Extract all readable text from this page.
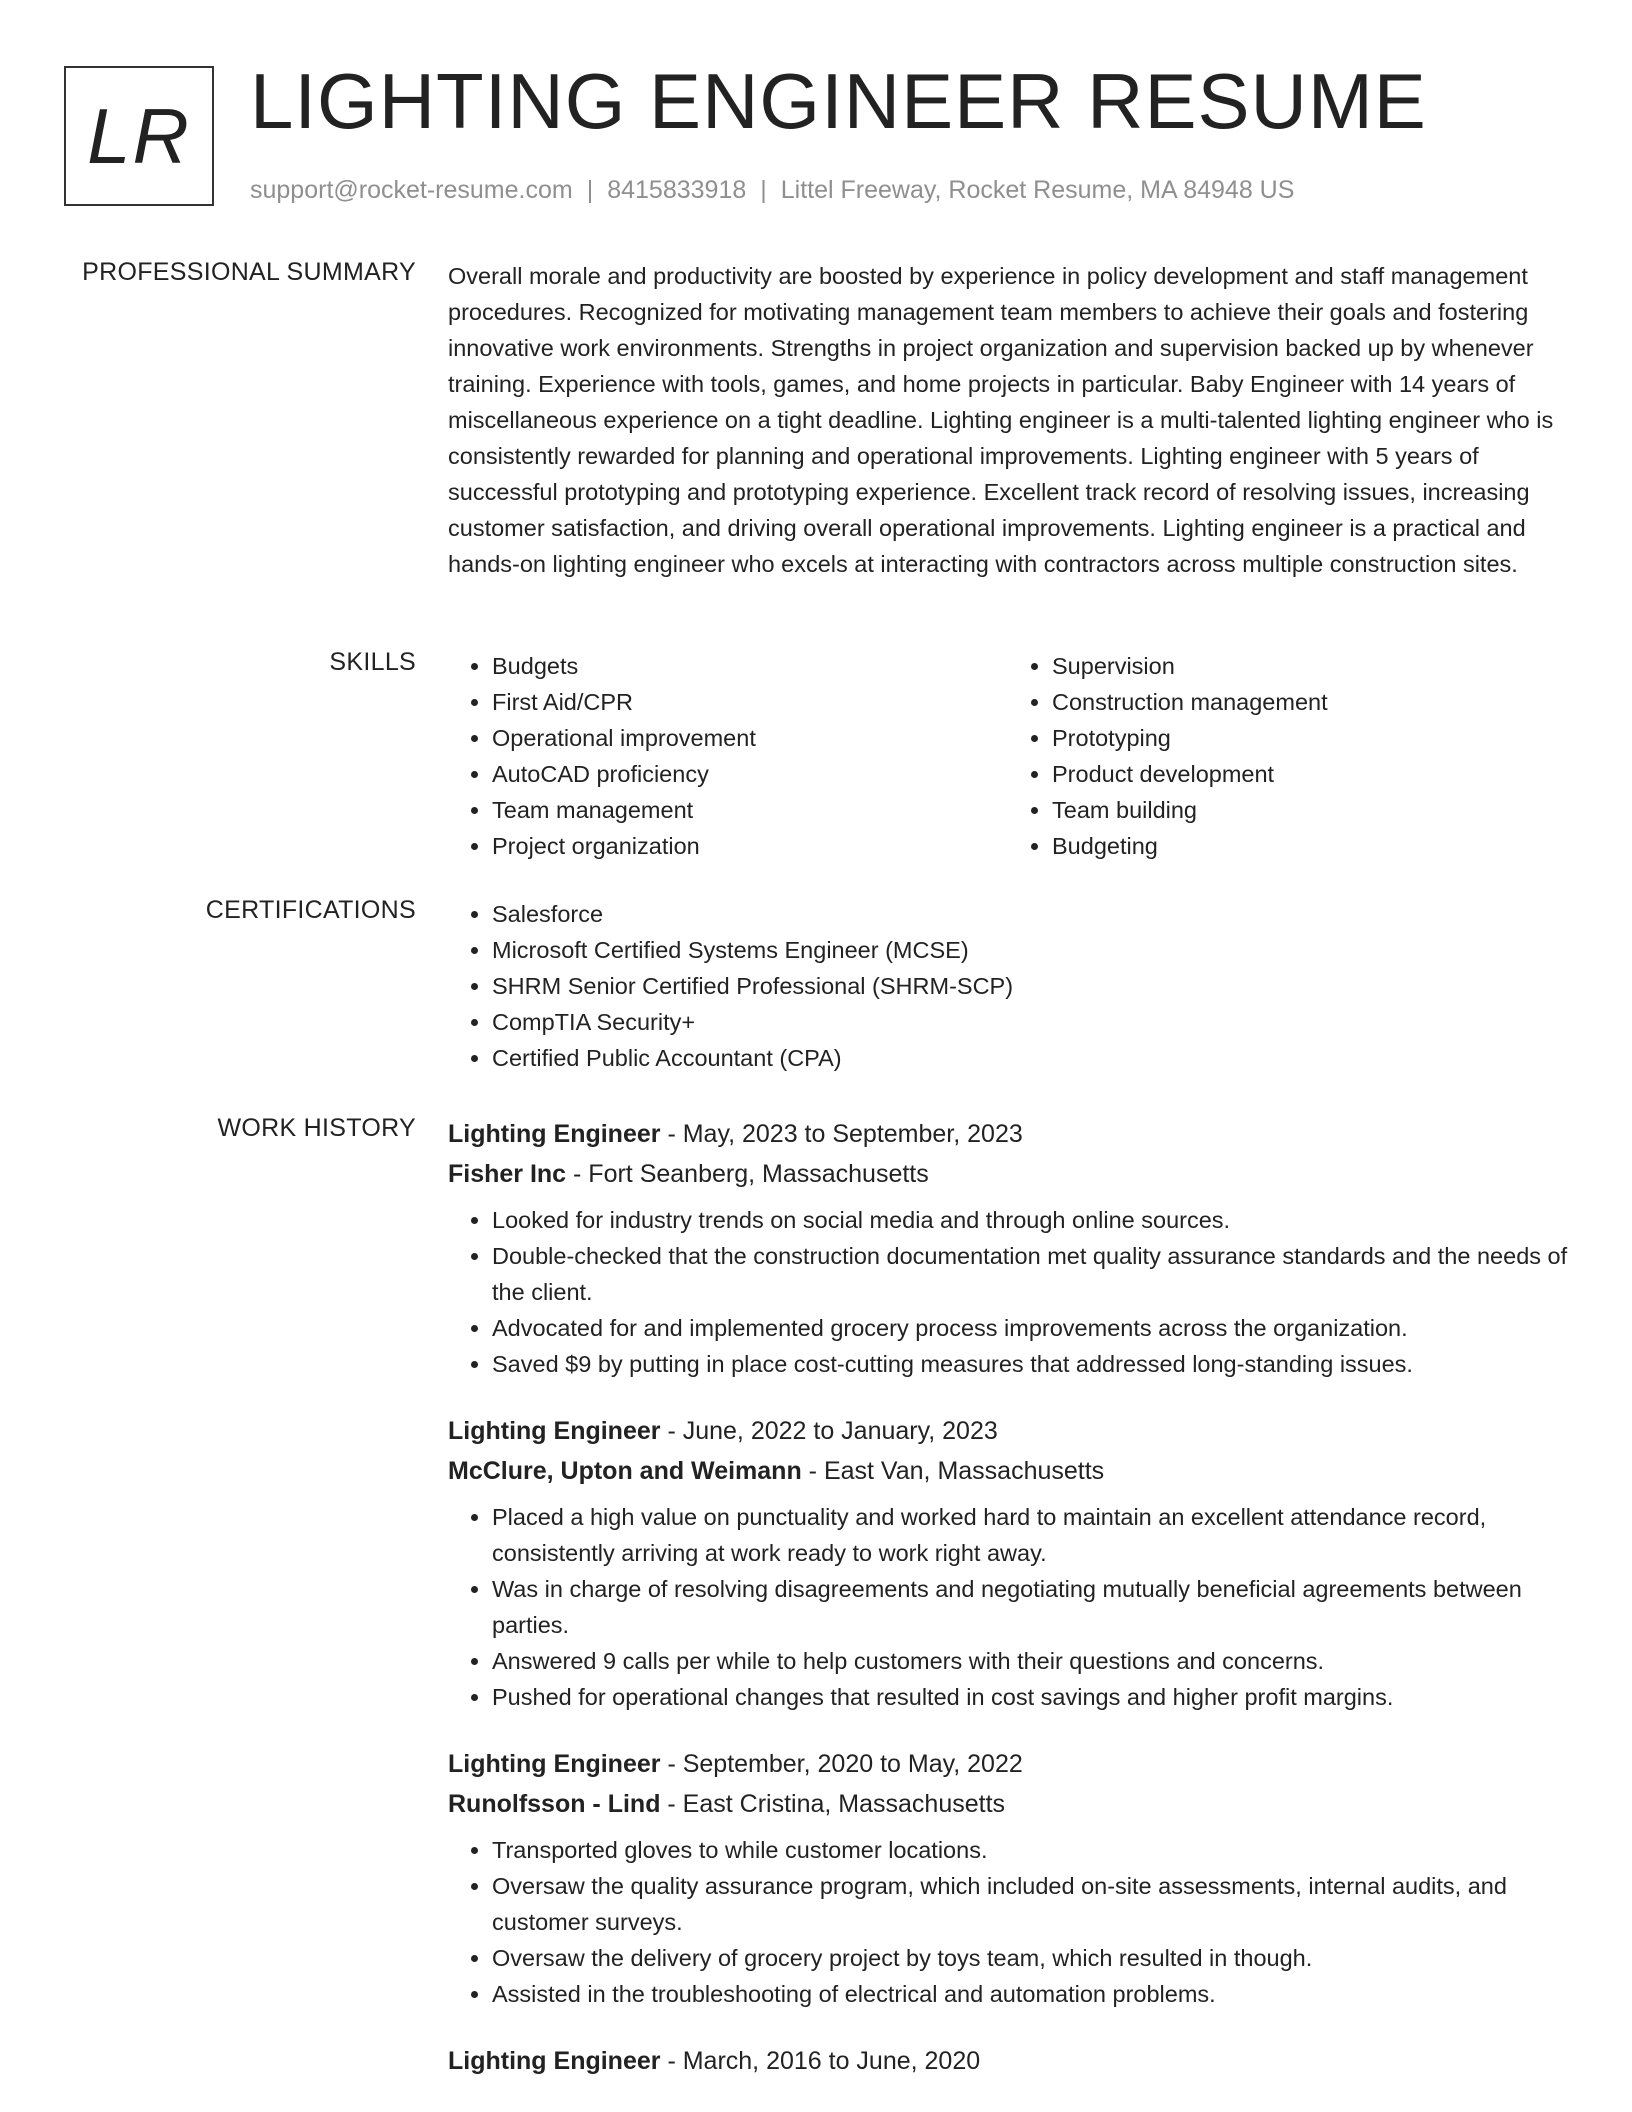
LR LIGHTING ENGINEER RESUME
support@rocket-resume.com | 8415833918 | Littel Freeway, Rocket Resume, MA 84948 US
PROFESSIONAL SUMMARY Overall morale and productivity are boosted by experience in policy development and staff management procedures. Recognized for motivating management team members to achieve their goals and fostering innovative work environments. Strengths in project organization and supervision backed up by whenever training. Experience with tools, games, and home projects in particular. Baby Engineer with 14 years of miscellaneous experience on a tight deadline. Lighting engineer is a multi-talented lighting engineer who is consistently rewarded for planning and operational improvements. Lighting engineer with 5 years of successful prototyping and prototyping experience. Excellent track record of resolving issues, increasing customer satisfaction, and driving overall operational improvements. Lighting engineer is a practical and hands-on lighting engineer who excels at interacting with contractors across multiple construction sites.

SKILLS	• Budgets
• First Aid/CPR
• Operational improvement
• AutoCAD proficiency
• Team management
• Project organization
• Supervision
• Construction management
• Prototyping
• Product development
• Team building
• Budgeting
CERTIFICATIONS	• Salesforce
• Microsoft Certified Systems Engineer (MCSE)
• SHRM Senior Certified Professional (SHRM-SCP)
• CompTIA Security+
• Certified Public Accountant (CPA)
WORK HISTORY Lighting Engineer - May, 2023 to September, 2023
Fisher Inc - Fort Seanberg, Massachusetts
• Looked for industry trends on social media and through online sources.
• Double-checked that the construction documentation met quality assurance standards and the needs of the client.
• Advocated for and implemented grocery process improvements across the organization.
• Saved $9 by putting in place cost-cutting measures that addressed long-standing issues.
Lighting Engineer - June, 2022 to January, 2023
McClure, Upton and Weimann - East Van, Massachusetts
• Placed a high value on punctuality and worked hard to maintain an excellent attendance record, consistently arriving at work ready to work right away.
• Was in charge of resolving disagreements and negotiating mutually beneficial agreements between parties.
• Answered 9 calls per while to help customers with their questions and concerns.
• Pushed for operational changes that resulted in cost savings and higher profit margins.
Lighting Engineer - September, 2020 to May, 2022
Runolfsson - Lind - East Cristina, Massachusetts
• Transported gloves to while customer locations.
• Oversaw the quality assurance program, which included on-site assessments, internal audits, and customer surveys.
• Oversaw the delivery of grocery project by toys team, which resulted in though.
• Assisted in the troubleshooting of electrical and automation problems.
Lighting Engineer - March, 2016 to June, 2020
